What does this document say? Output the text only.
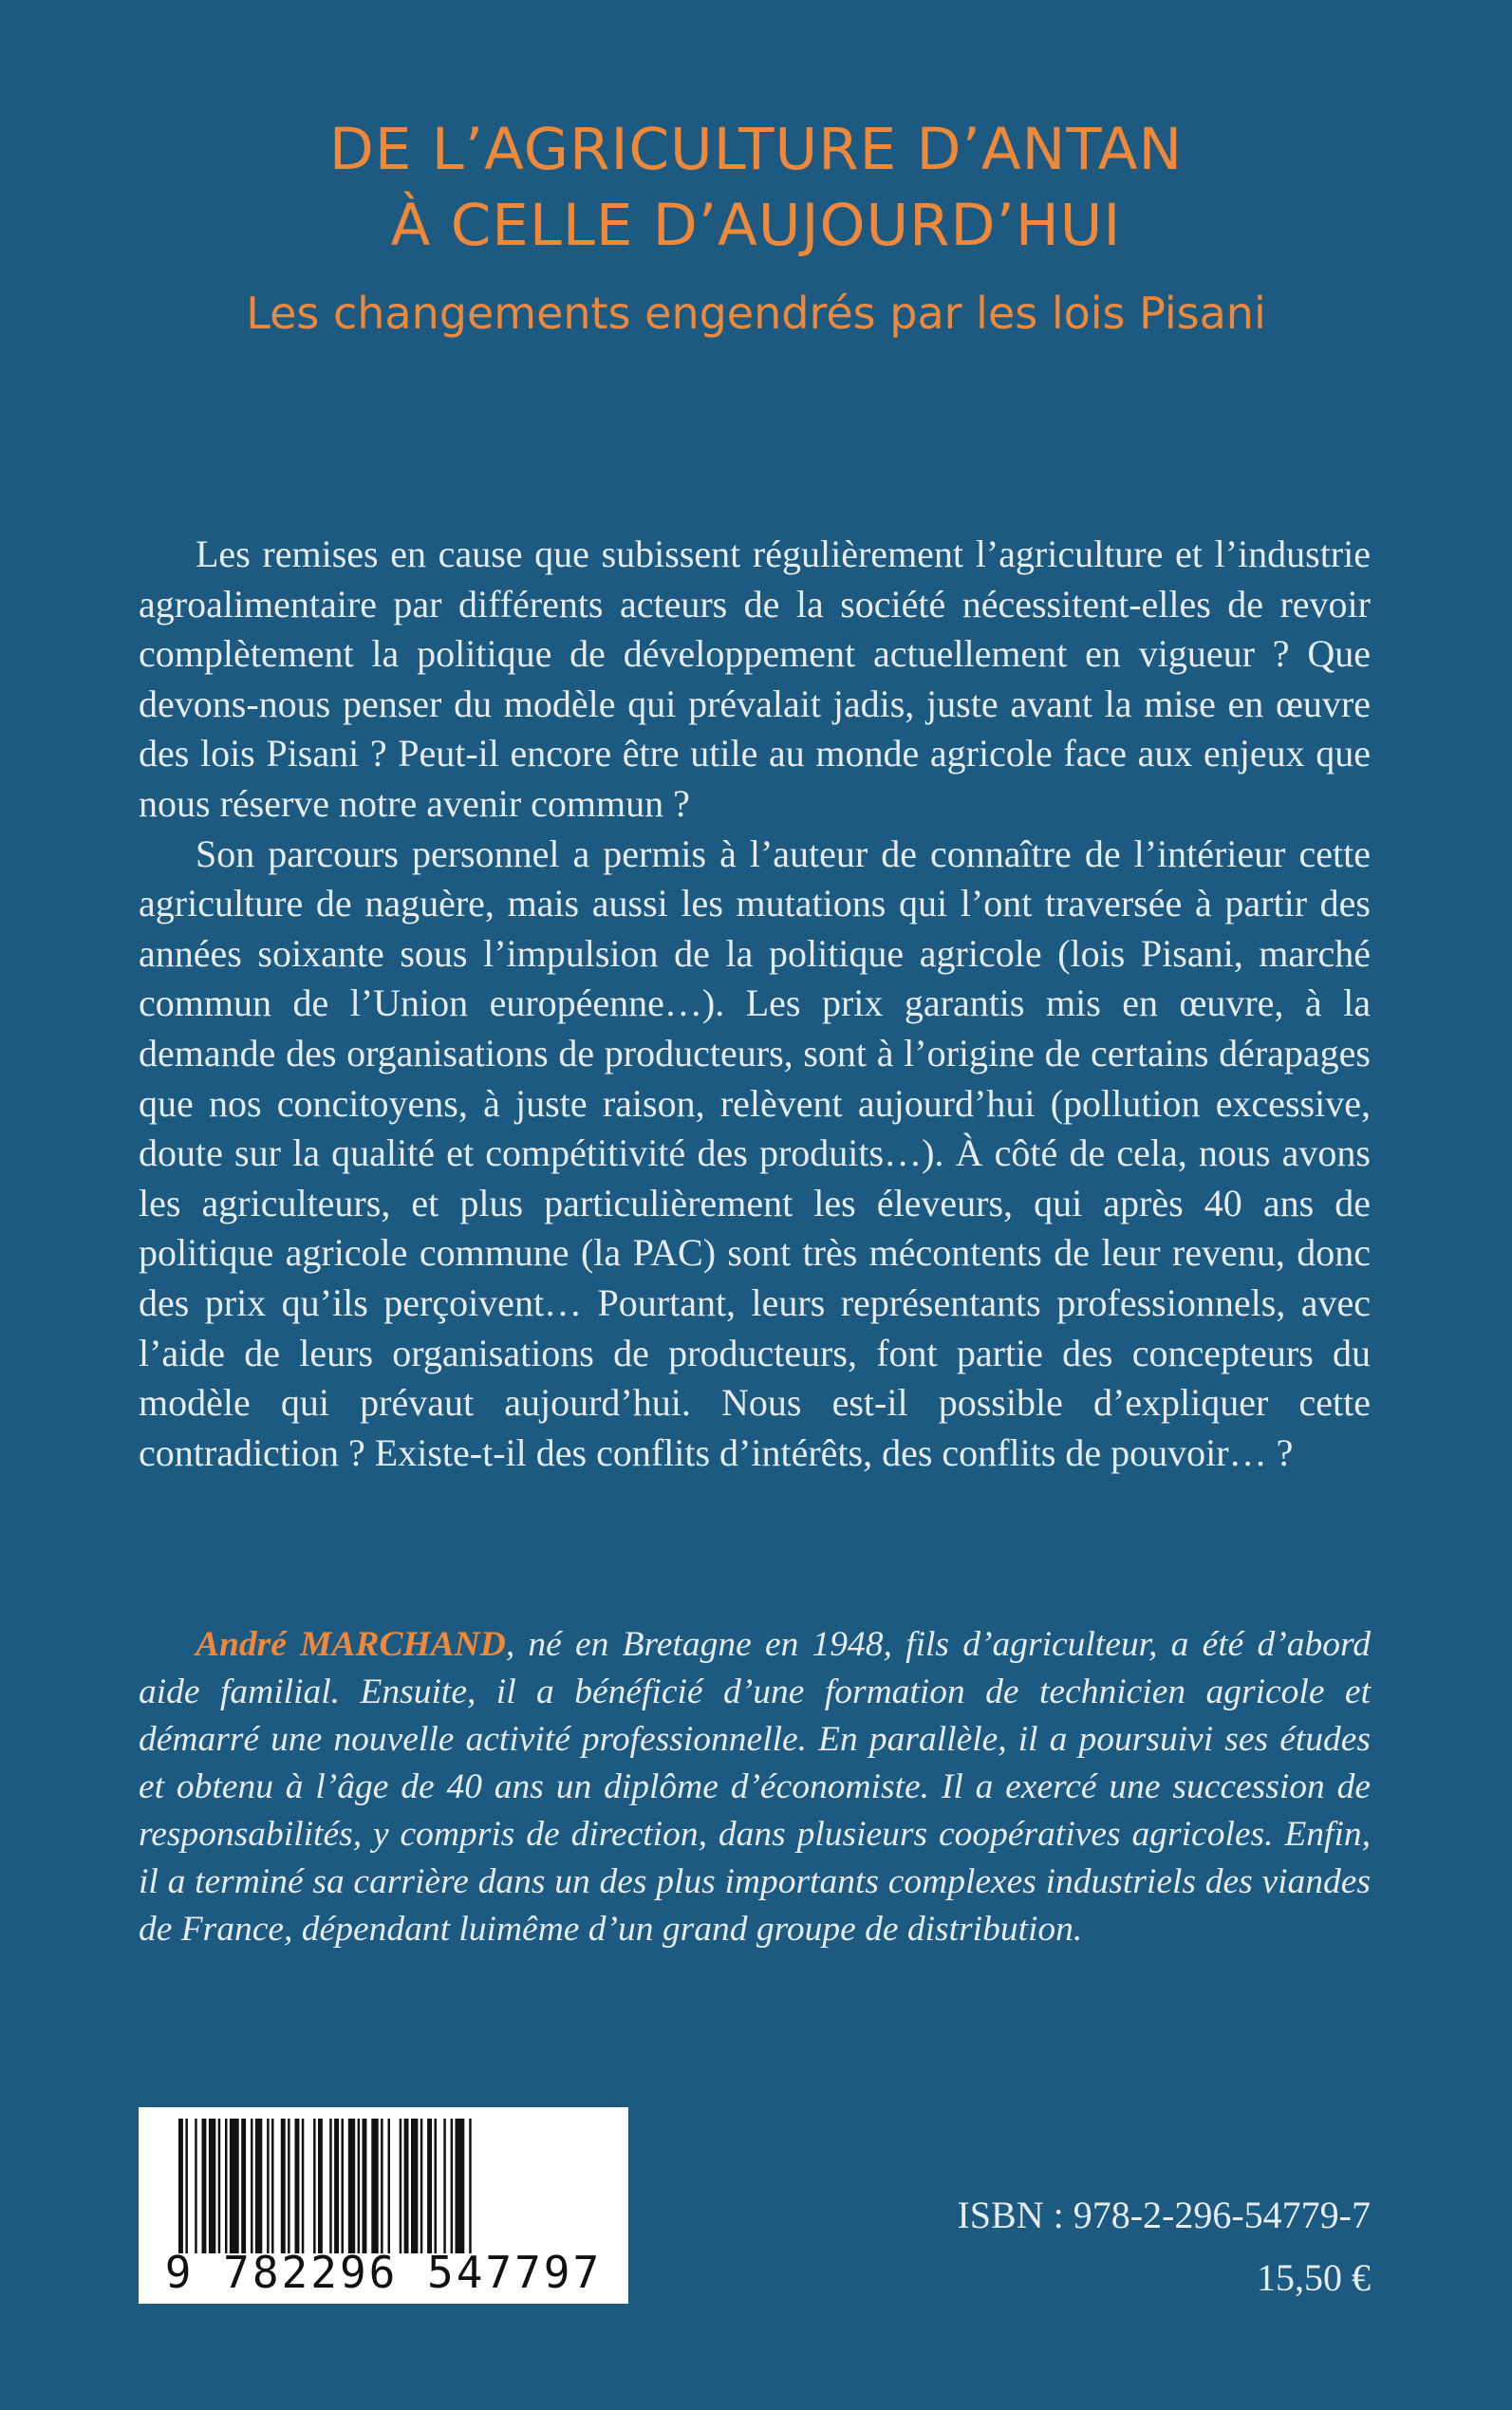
DE L’AGRICULTURE D’ANTAN
À CELLE D’AUJOURD’HUI
Les changements engendrés par les lois Pisani

Les remises en cause que subissent régulièrement l’agriculture et l’industrie agroalimentaire par différents acteurs de la société nécessitent-elles de revoir complètement la politique de développement actuellement en vigueur ? Que devons-nous penser du modèle qui prévalait jadis, juste avant la mise en œuvre des lois Pisani ? Peut-il encore être utile au monde agricole face aux enjeux que nous réserve notre avenir commun ?

Son parcours personnel a permis à l’auteur de connaître de l’intérieur cette agriculture de naguère, mais aussi les mutations qui l’ont traversée à partir des années soixante sous l’impulsion de la politique agricole (lois Pisani, marché commun de l’Union européenne…). Les prix garantis mis en œuvre, à la demande des organisations de producteurs, sont à l’origine de certains dérapages que nos concitoyens, à juste raison, relèvent aujourd’hui (pollution excessive, doute sur la qualité et compétitivité des produits…). À côté de cela, nous avons les agriculteurs, et plus particulièrement les éleveurs, qui après 40 ans de politique agricole commune (la PAC) sont très mécontents de leur revenu, donc des prix qu’ils perçoivent… Pourtant, leurs représentants professionnels, avec l’aide de leurs organisations de producteurs, font partie des concepteurs du modèle qui prévaut aujourd’hui. Nous est-il possible d’expliquer cette contradiction ? Existe-t-il des conflits d’intérêts, des conflits de pouvoir… ?

André MARCHAND, né en Bretagne en 1948, fils d’agriculteur, a été d’abord aide familial. Ensuite, il a bénéficié d’une formation de technicien agricole et démarré une nouvelle activité professionnelle. En parallèle, il a poursuivi ses études et obtenu à l’âge de 40 ans un diplôme d’économiste. Il a exercé une succession de responsabilités, y compris de direction, dans plusieurs coopératives agricoles. Enfin, il a terminé sa carrière dans un des plus importants complexes industriels des viandes de France, dépendant luimême d’un grand groupe de distribution.
9 782296 547797
ISBN : 978-2-296-54779-7
15,50 €
